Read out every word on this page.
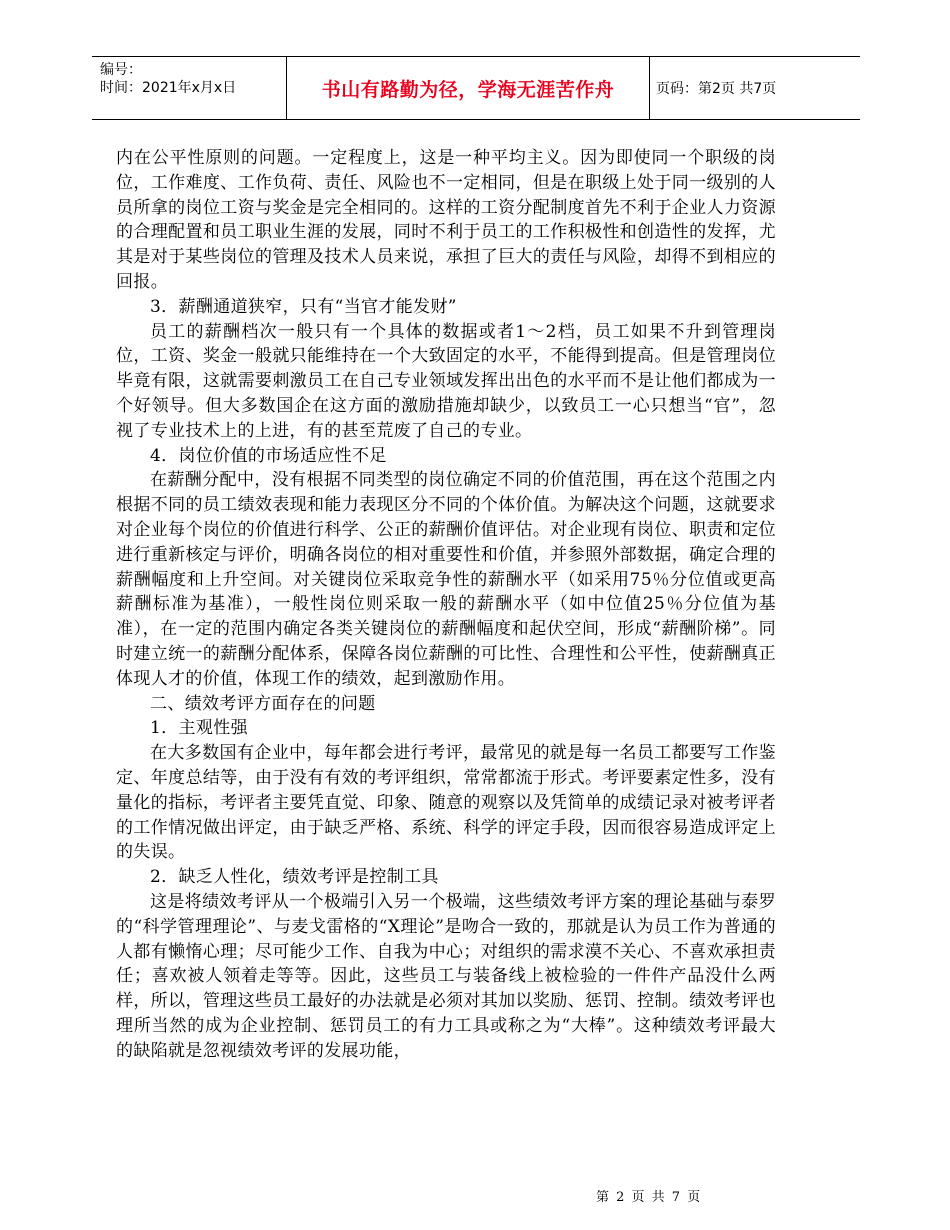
编号：
时间：2021年x月x日	书山有路勤为径，学海无涯苦作舟	页码：第2页 共7页

内在公平性原则的问题。一定程度上，这是一种平均主义。因为即使同一个职级的岗位，工作难度、工作负荷、责任、风险也不一定相同，但是在职级上处于同一级别的人员所拿的岗位工资与奖金是完全相同的。这样的工资分配制度首先不利于企业人力资源的合理配置和员工职业生涯的发展，同时不利于员工的工作积极性和创造性的发挥，尤其是对于某些岗位的管理及技术人员来说，承担了巨大的责任与风险，却得不到相应的回报。

3．薪酬通道狭窄，只有“当官才能发财”

员工的薪酬档次一般只有一个具体的数据或者1～2档，员工如果不升到管理岗位，工资、奖金一般就只能维持在一个大致固定的水平，不能得到提高。但是管理岗位毕竟有限，这就需要刺激员工在自己专业领域发挥出出色的水平而不是让他们都成为一个好领导。但大多数国企在这方面的激励措施却缺少，以致员工一心只想当“官”，忽视了专业技术上的上进，有的甚至荒废了自己的专业。

4．岗位价值的市场适应性不足

在薪酬分配中，没有根据不同类型的岗位确定不同的价值范围，再在这个范围之内根据不同的员工绩效表现和能力表现区分不同的个体价值。为解决这个问题，这就要求对企业每个岗位的价值进行科学、公正的薪酬价值评估。对企业现有岗位、职责和定位进行重新核定与评价，明确各岗位的相对重要性和价值，并参照外部数据，确定合理的薪酬幅度和上升空间。对关键岗位采取竞争性的薪酬水平（如采用75％分位值或更高薪酬标准为基准），一般性岗位则采取一般的薪酬水平（如中位值25％分位值为基准），在一定的范围内确定各类关键岗位的薪酬幅度和起伏空间，形成“薪酬阶梯”。同时建立统一的薪酬分配体系，保障各岗位薪酬的可比性、合理性和公平性，使薪酬真正体现人才的价值，体现工作的绩效，起到激励作用。

二、绩效考评方面存在的问题

1．主观性强

在大多数国有企业中，每年都会进行考评，最常见的就是每一名员工都要写工作鉴定、年度总结等，由于没有有效的考评组织，常常都流于形式。考评要素定性多，没有量化的指标，考评者主要凭直觉、印象、随意的观察以及凭简单的成绩记录对被考评者的工作情况做出评定，由于缺乏严格、系统、科学的评定手段，因而很容易造成评定上的失误。

2．缺乏人性化，绩效考评是控制工具

这是将绩效考评从一个极端引入另一个极端，这些绩效考评方案的理论基础与泰罗的“科学管理理论”、与麦戈雷格的“X理论”是吻合一致的，那就是认为员工作为普通的人都有懒惰心理；尽可能少工作、自我为中心；对组织的需求漠不关心、不喜欢承担责任；喜欢被人领着走等等。因此，这些员工与装备线上被检验的一件件产品没什么两样，所以，管理这些员工最好的办法就是必须对其加以奖励、惩罚、控制。绩效考评也理所当然的成为企业控制、惩罚员工的有力工具或称之为“大棒”。这种绩效考评最大的缺陷就是忽视绩效考评的发展功能，

第 2 页 共 7 页
